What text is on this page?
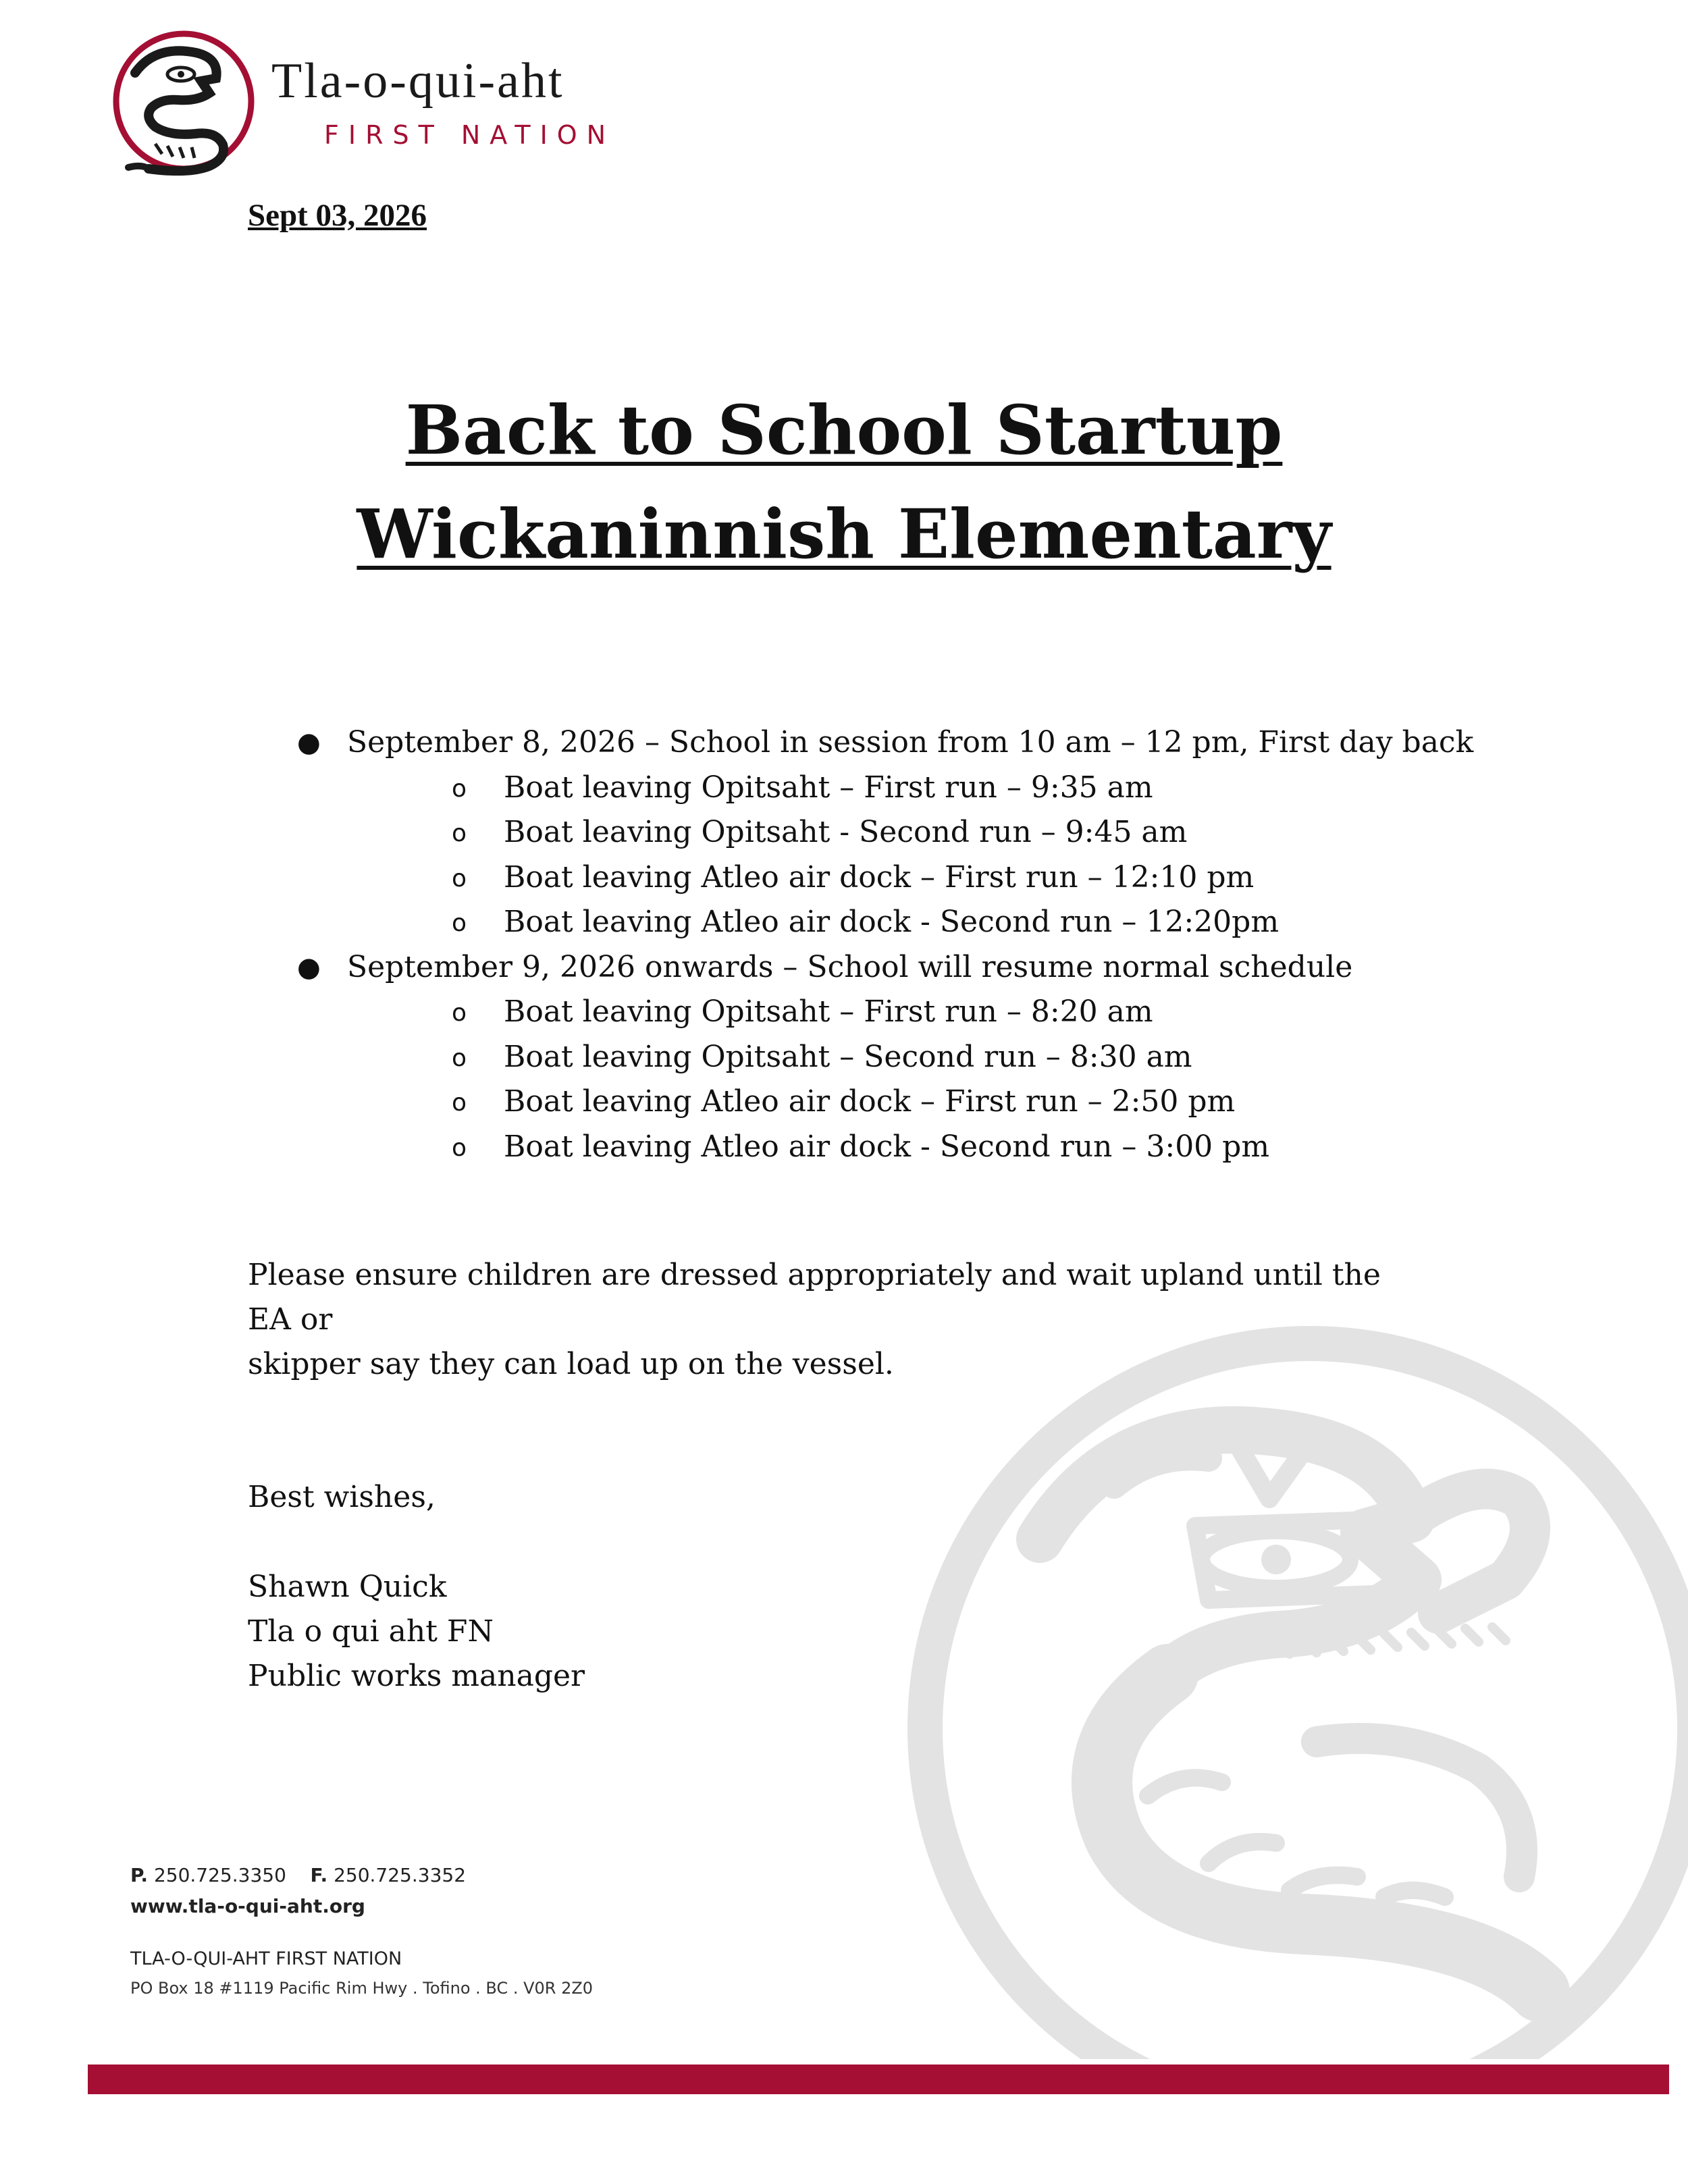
Tla-o-qui-aht
FIRST NATION
Sept 03, 2026
Back to School Startup
Wickaninnish Elementary
● September 8, 2026 – School in session from 10 am – 12 pm, First day back
o Boat leaving Opitsaht – First run – 9:35 am
o Boat leaving Opitsaht - Second run – 9:45 am
o Boat leaving Atleo air dock – First run – 12:10 pm
o Boat leaving Atleo air dock - Second run – 12:20pm
● September 9, 2026 onwards – School will resume normal schedule
o Boat leaving Opitsaht – First run – 8:20 am
o Boat leaving Opitsaht – Second run – 8:30 am
o Boat leaving Atleo air dock – First run – 2:50 pm
o Boat leaving Atleo air dock - Second run – 3:00 pm

Please ensure children are dressed appropriately and wait upland until the EA or
skipper say they can load up on the vessel.

Best wishes,
Shawn Quick
Tla o qui aht FN
Public works manager
P. 250.725.3350 F. 250.725.3352
www.tla-o-qui-aht.org
TLA-O-QUI-AHT FIRST NATION
PO Box 18 #1119 Pacific Rim Hwy . Tofino . BC . V0R 2Z0
